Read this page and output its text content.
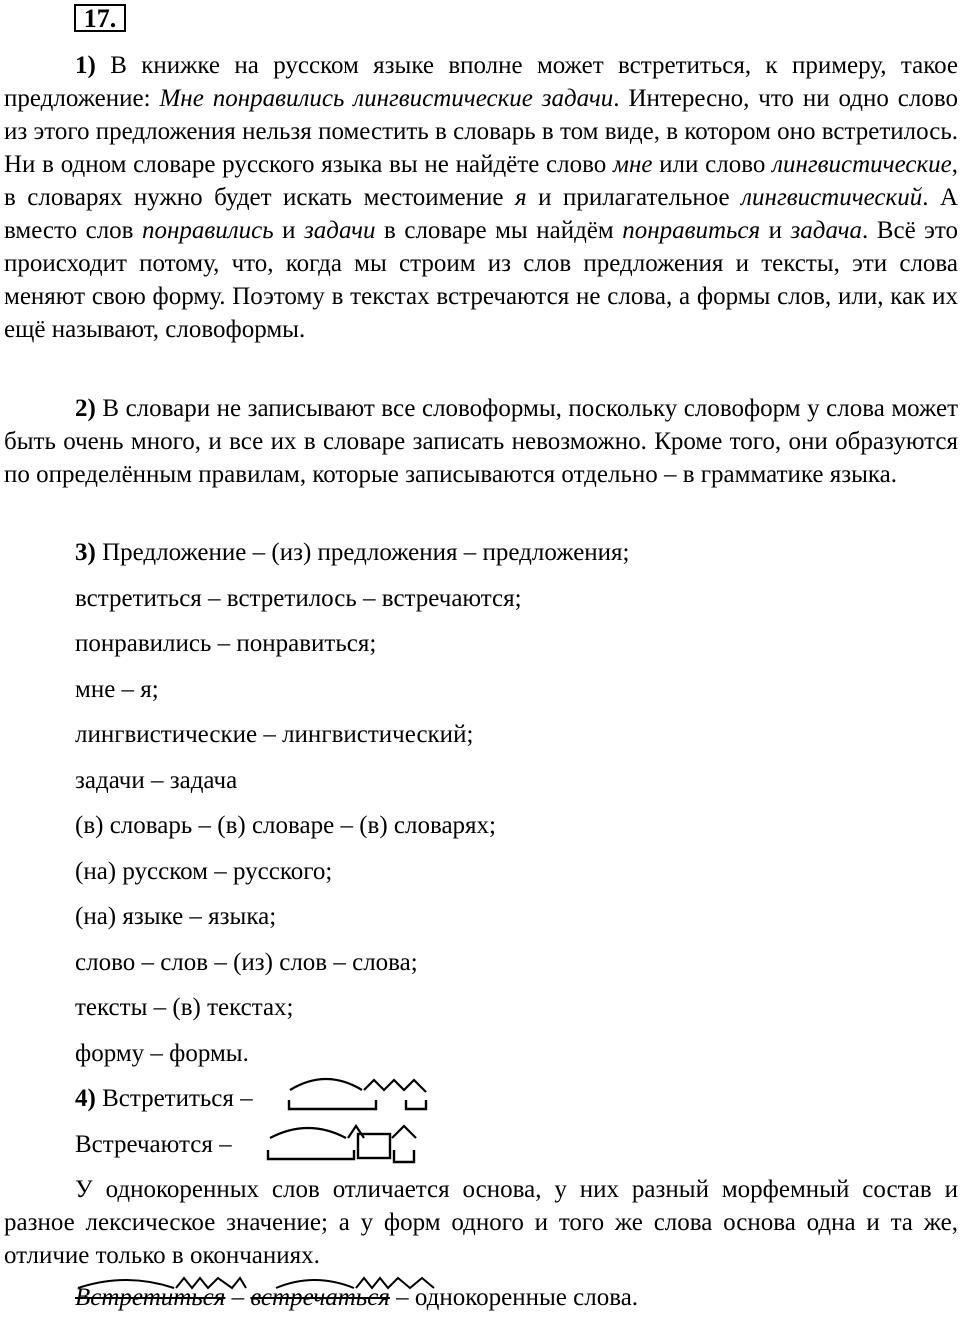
17.
1) В книжке на русском языке вполне может встретиться, к примеру, такое предложение: Мне понравились лингвистические задачи. Интересно, что ни одно слово из этого предложения нельзя поместить в словарь в том виде, в котором оно встретилось. Ни в одном словаре русского языка вы не найдёте слово мне или слово лингвистические, в словарях нужно будет искать местоимение я и прилагательное лингвистический. А вместо слов понравились и задачи в словаре мы найдём понравиться и задача. Всё это происходит потому, что, когда мы строим из слов предложения и тексты, эти слова меняют свою форму. Поэтому в текстах встречаются не слова, а формы слов, или, как их ещё называют, словоформы.
2) В словари не записывают все словоформы, поскольку словоформ у слова может быть очень много, и все их в словаре записать невозможно. Кроме того, они образуются по определённым правилам, которые записываются отдельно – в грамматике языка.
3) Предложение – (из) предложения – предложения;
встретиться – встретилось – встречаются;
понравились – понравиться;
мне – я;
лингвистические – лингвистический;
задачи – задача
(в) словарь – (в) словаре – (в) словарях;
(на) русском – русского;
(на) языке – языка;
слово – слов – (из) слов – слова;
тексты – (в) текстах;
форму – формы.
4) Встретиться –
Встречаются –
У однокоренных слов отличается основа, у них разный морфемный состав и разное лексическое значение; а у форм одного и того же слова основа одна и та же, отличие только в окончаниях.
Встретиться – встречаться – однокоренные слова.
